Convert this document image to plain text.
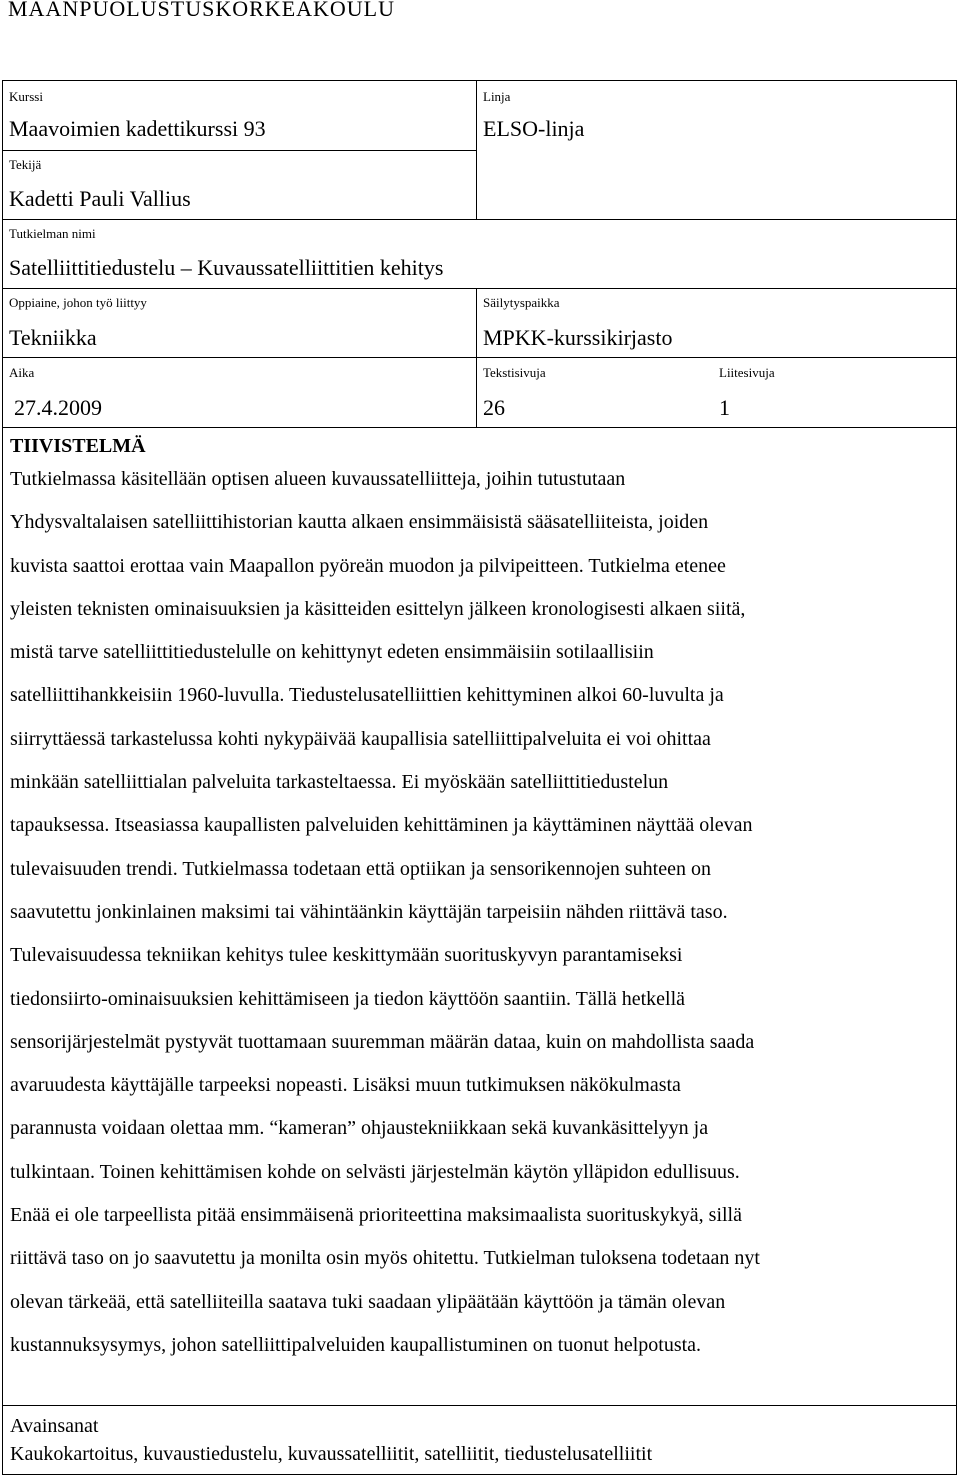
MAANPUOLUSTUSKORKEAKOULU
Kurssi
Maavoimien kadettikurssi 93
Linja
ELSO-linja
Tekijä
Kadetti Pauli Vallius
Tutkielman nimi
Satelliittitiedustelu – Kuvaussatelliittitien kehitys
Oppiaine, johon työ liittyy
Tekniikka
Säilytyspaikka
MPKK-kurssikirjasto
Aika
27.4.2009
Tekstisivuja
26
Liitesivuja
1
TIIVISTELMÄ
Tutkielmassa käsitellään optisen alueen kuvaussatelliitteja, joihin tutustutaan
Yhdysvaltalaisen satelliittihistorian kautta alkaen ensimmäisistä sääsatelliiteista, joiden
kuvista saattoi erottaa vain Maapallon pyöreän muodon ja pilvipeitteen. Tutkielma etenee
yleisten teknisten ominaisuuksien ja käsitteiden esittelyn jälkeen kronologisesti alkaen siitä,
mistä tarve satelliittitiedustelulle on kehittynyt edeten ensimmäisiin sotilaallisiin
satelliittihankkeisiin 1960-luvulla. Tiedustelusatelliittien kehittyminen alkoi 60-luvulta ja
siirryttäessä tarkastelussa kohti nykypäivää kaupallisia satelliittipalveluita ei voi ohittaa
minkään satelliittialan palveluita tarkasteltaessa. Ei myöskään satelliittitiedustelun
tapauksessa. Itseasiassa kaupallisten palveluiden kehittäminen ja käyttäminen näyttää olevan
tulevaisuuden trendi. Tutkielmassa todetaan että optiikan ja sensorikennojen suhteen on
saavutettu jonkinlainen maksimi tai vähintäänkin käyttäjän tarpeisiin nähden riittävä taso.
Tulevaisuudessa tekniikan kehitys tulee keskittymään suorituskyvyn parantamiseksi
tiedonsiirto-ominaisuuksien kehittämiseen ja tiedon käyttöön saantiin. Tällä hetkellä
sensorijärjestelmät pystyvät tuottamaan suuremman määrän dataa, kuin on mahdollista saada
avaruudesta käyttäjälle tarpeeksi nopeasti. Lisäksi muun tutkimuksen näkökulmasta
parannusta voidaan olettaa mm. “kameran” ohjaustekniikkaan sekä kuvankäsittelyyn ja
tulkintaan. Toinen kehittämisen kohde on selvästi järjestelmän käytön ylläpidon edullisuus.
Enää ei ole tarpeellista pitää ensimmäisenä prioriteettina maksimaalista suorituskykyä, sillä
riittävä taso on jo saavutettu ja monilta osin myös ohitettu. Tutkielman tuloksena todetaan nyt
olevan tärkeää, että satelliiteilla saatava tuki saadaan ylipäätään käyttöön ja tämän olevan
kustannuksysymys, johon satelliittipalveluiden kaupallistuminen on tuonut helpotusta.
Avainsanat
Kaukokartoitus, kuvaustiedustelu, kuvaussatelliitit, satelliitit, tiedustelusatelliitit
